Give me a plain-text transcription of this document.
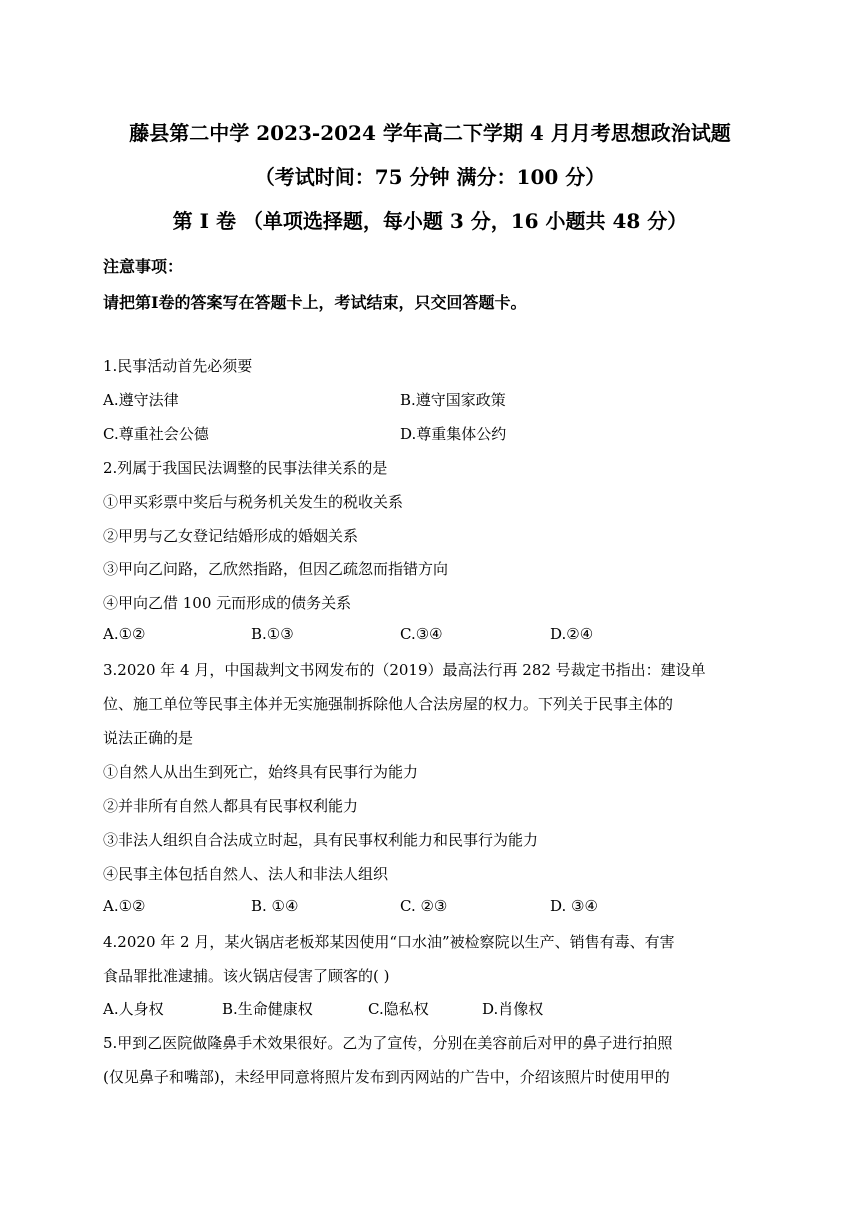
藤县第二中学 2023-2024 学年高二下学期 4 月月考思想政治试题
（考试时间：75 分钟 满分：100 分）
第 I 卷 （单项选择题，每小题 3 分，16 小题共 48 分）
注意事项：
请把第Ⅰ卷的答案写在答题卡上，考试结束，只交回答题卡。
1.民事活动首先必须要
A.遵守法律	B.遵守国家政策
C.尊重社会公德	D.尊重集体公约
2.列属于我国民法调整的民事法律关系的是
①甲买彩票中奖后与税务机关发生的税收关系
②甲男与乙女登记结婚形成的婚姻关系
③甲向乙问路，乙欣然指路，但因乙疏忽而指错方向
④甲向乙借 100 元而形成的债务关系
A.①②	B.①③	C.③④	D.②④
3.2020 年 4 月，中国裁判文书网发布的（2019）最高法行再 282 号裁定书指出：建设单
位、施工单位等民事主体并无实施强制拆除他人合法房屋的权力。下列关于民事主体的
说法正确的是
①自然人从出生到死亡，始终具有民事行为能力
②并非所有自然人都具有民事权利能力
③非法人组织自合法成立时起，具有民事权利能力和民事行为能力
④民事主体包括自然人、法人和非法人组织
A.①②	B. ①④	C. ②③	D. ③④
4.2020 年 2 月，某火锅店老板郑某因使用“口水油”被检察院以生产、销售有毒、有害
食品罪批准逮捕。该火锅店侵害了顾客的( )
A.人身权	B.生命健康权	C.隐私权	D.肖像权
5.甲到乙医院做隆鼻手术效果很好。乙为了宣传，分别在美容前后对甲的鼻子进行拍照
(仅见鼻子和嘴部)，未经甲同意将照片发布到丙网站的广告中，介绍该照片时使用甲的
